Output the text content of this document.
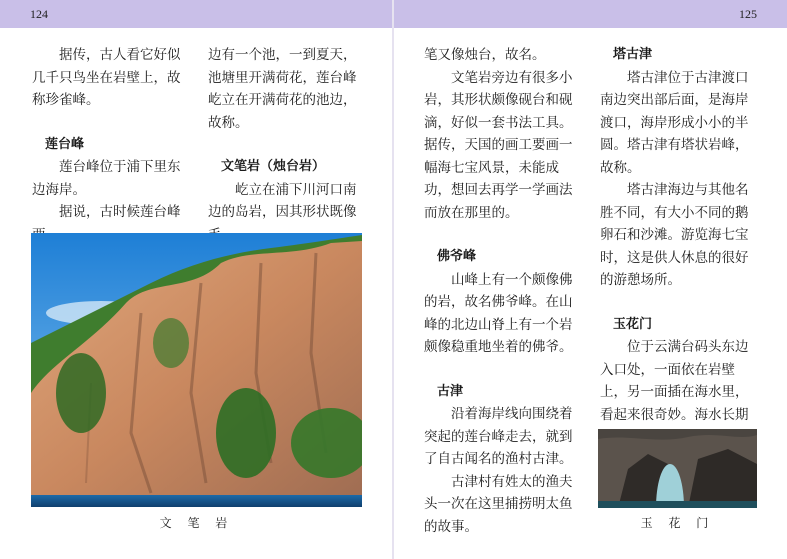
124	125

据传，古人看它好似几千只鸟坐在岩壁上，故称珍雀峰。

莲台峰

莲台峰位于浦下里东边海岸。

据说，古时候莲台峰

边有一个池，一到夏天，池塘里开满荷花，莲台峰屹立在开满荷花的池边，故称。

文笔岩（烛台岩）

屹立在浦下川河口南边的岛岩，因其形状既像

文 笔 岩

笔又像烛台，故名。

文笔岩旁边有很多小岩，其形状颇像砚台和砚滴，好似一套书法工具。据传，天国的画工要画一幅海七宝风景，未能成功，想回去再学一学画法而放在那里的。

佛爷峰

山峰上有一个颇像佛的岩，故名佛爷峰。在山峰的北边山脊上有一个岩颇像稳重地坐着的佛爷。

古津

沿着海岸线向围绕着突起的莲台峰走去，就到了自古闻名的渔村古津。

古津村有姓太的渔夫头一次在这里捕捞明太鱼的故事。

塔古津

塔古津位于古津渡口南边突出部后面，是海岸渡口，海岸形成小小的半圆。塔古津有塔状岩峰，故称。

塔古津海边与其他名胜不同，有大小不同的鹅卵石和沙滩。游览海七宝时，这是供人休息的很好的游憩场所。

玉花门

位于云满台码头东边入口处，一面依在岩壁上，另一面插在海水里，看起来很奇妙。海水长期

玉 花 门
